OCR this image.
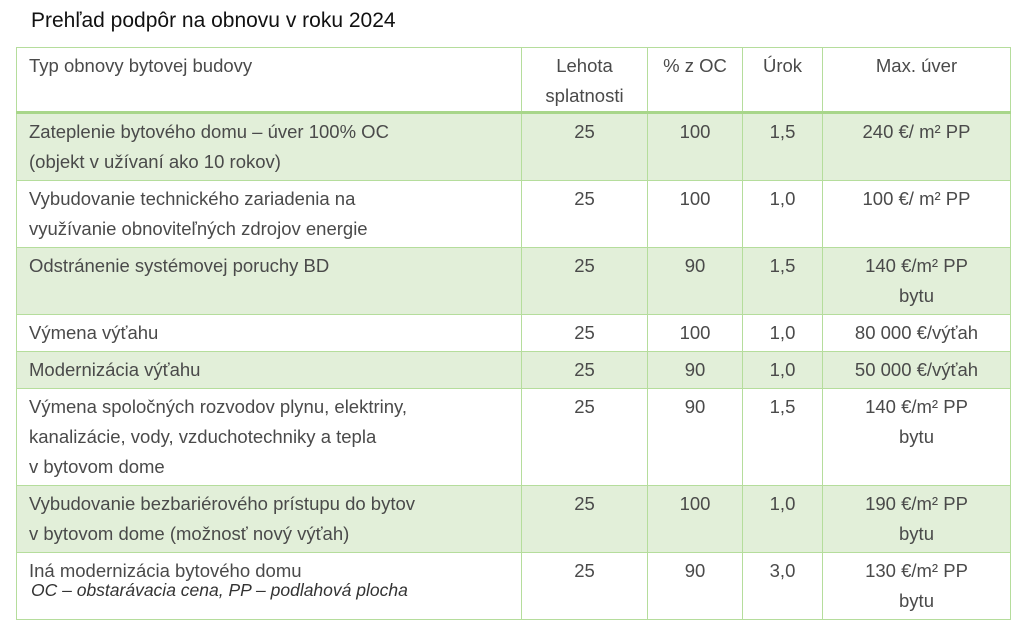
Prehľad podpôr na obnovu v roku 2024
Typ obnovy bytovej budovy	Lehota splatnosti	% z OC	Úrok	Max. úver

Zateplenie bytového domu – úver 100% OC
(objekt v užívaní ako 10 rokov)	25	100	1,5	240 €/ m² PP

Vybudovanie technického zariadenia na
využívanie obnoviteľných zdrojov energie	25	100	1,0	100 €/ m² PP

Odstránenie systémovej poruchy BD	25	90	1,5	140 €/m² PP
bytu

Výmena výťahu	25	100	1,0	80 000 €/výťah

Modernizácia výťahu	25	90	1,0	50 000 €/výťah

Výmena spoločných rozvodov plynu, elektriny,
kanalizácie, vody, vzduchotechniky a tepla
v bytovom dome	25	90	1,5	140 €/m² PP
bytu

Vybudovanie bezbariérového prístupu do bytov
v bytovom dome (možnosť nový výťah)	25	100	1,0	190 €/m² PP
bytu

Iná modernizácia bytového domu	25	90	3,0	130 €/m² PP
bytu
OC – obstarávacia cena, PP – podlahová plocha
